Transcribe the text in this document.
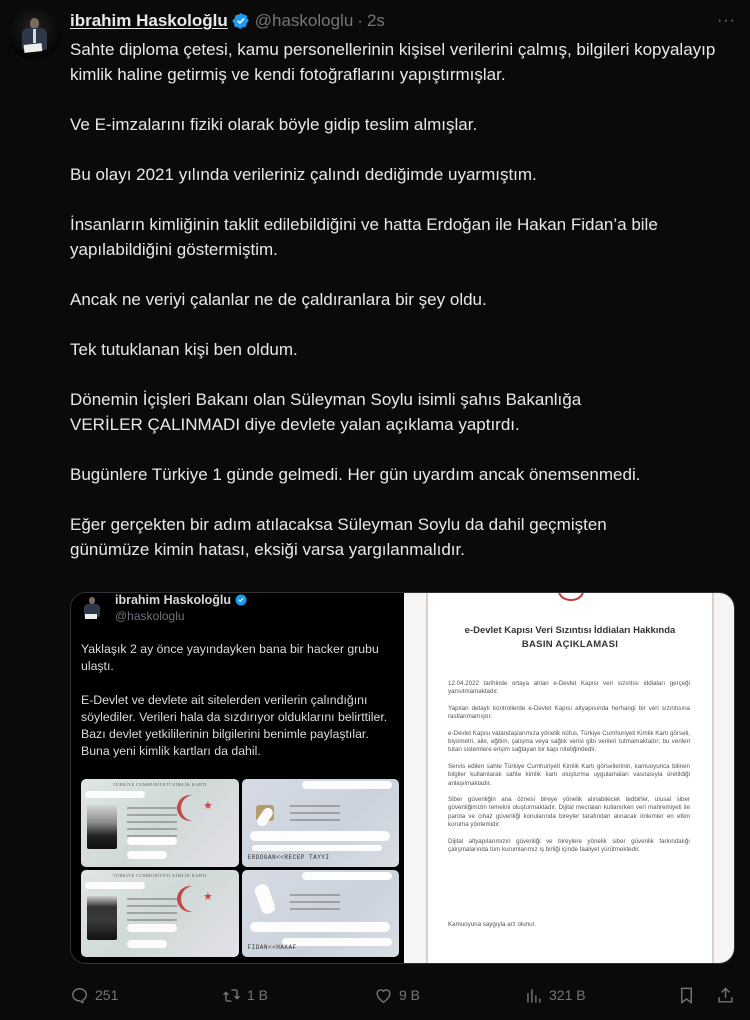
ibrahim Haskoloğlu @haskologlu · 2s	···

Sahte diploma çetesi, kamu personellerinin kişisel verilerini çalmış, bilgileri kopyalayıp kimlik haline getirmiş ve kendi fotoğraflarını yapıştırmışlar.

Ve E-imzalarını fiziki olarak böyle gidip teslim almışlar.

Bu olayı 2021 yılında verileriniz çalındı dediğimde uyarmıştım.

İnsanların kimliğinin taklit edilebildiğini ve hatta Erdoğan ile Hakan Fidan’a bile yapılabildiğini göstermiştim.

Ancak ne veriyi çalanlar ne de çaldıranlara bir şey oldu.

Tek tutuklanan kişi ben oldum.

Dönemin İçişleri Bakanı olan Süleyman Soylu isimli şahıs Bakanlığa
VERİLER ÇALINMADI diye devlete yalan açıklama yaptırdı.

Bugünlere Türkiye 1 günde gelmedi. Her gün uyardım ancak önemsenmedi.

Eğer gerçekten bir adım atılacaksa Süleyman Soylu da dahil geçmişten
günümüze kimin hatası, eksiği varsa yargılanmalıdır.

ibrahim Haskoloğlu
@haskologlu

Yaklaşık 2 ay önce yayındayken bana bir hacker grubu ulaştı.

E-Devlet ve devlete ait sitelerden verilerin çalındığını söylediler. Verileri hala da sızdırıyor olduklarını belirttiler. Bazı devlet yetkililerinin bilgilerini benimle paylaştılar. Buna yeni kimlik kartları da dahil.

TÜRKİYE CUMHURİYETİ KİMLİK KARTI
★
ERDOGAN<<RECEP TAYYI
TÜRKİYE CUMHURİYETİ KİMLİK KARTI
★
FIDAN<<HAKAF
e-Devlet Kapısı Veri Sızıntısı İddiaları Hakkında
BASIN AÇIKLAMASI

12.04.2022 tarihinde ortaya atılan e-Devlet Kapısı veri sızıntısı iddiaları gerçeği yansıtmamaktadır.

Yapılan detaylı kontrollerde e-Devlet Kapısı altyapısında herhangi bir veri sızıntısına rastlanmamıştır.

e-Devlet Kapısı vatandaşlarımıza yönelik nüfus, Türkiye Cumhuriyeti Kimlik Kartı görseli, biyometri, aile, eğitim, çalışma veya sağlık verisi gibi verileri tutmamaktadır; bu verileri tutan sistemlere erişim sağlayan bir kapı niteliğindedir.

Servis edilen sahte Türkiye Cumhuriyeti Kimlik Kartı görsellerinin, kamuoyunca bilinen bilgiler kullanılarak sahte kimlik kartı oluşturma uygulamaları vasıtasıyla üretildiği anlaşılmaktadır.

Siber güvenliğin ana öznesi bireye yönelik alınabilecek tedbirler, ulusal siber güvenliğimizin temelini oluşturmaktadır. Dijital mecraları kullanırken veri mahremiyeti ile parola ve cihaz güvenliği konularında bireyler tarafından alınacak önlemler en etkin koruma yöntemidir.

Dijital altyapılarımızın güvenliği ve bireylere yönelik siber güvenlik farkındalığı çalışmalarında tüm kurumlarımız iş birliği içinde faaliyet yürütmektedir.

Kamuoyuna saygıyla arz olunur.
251	1 B	9 B	321 B
